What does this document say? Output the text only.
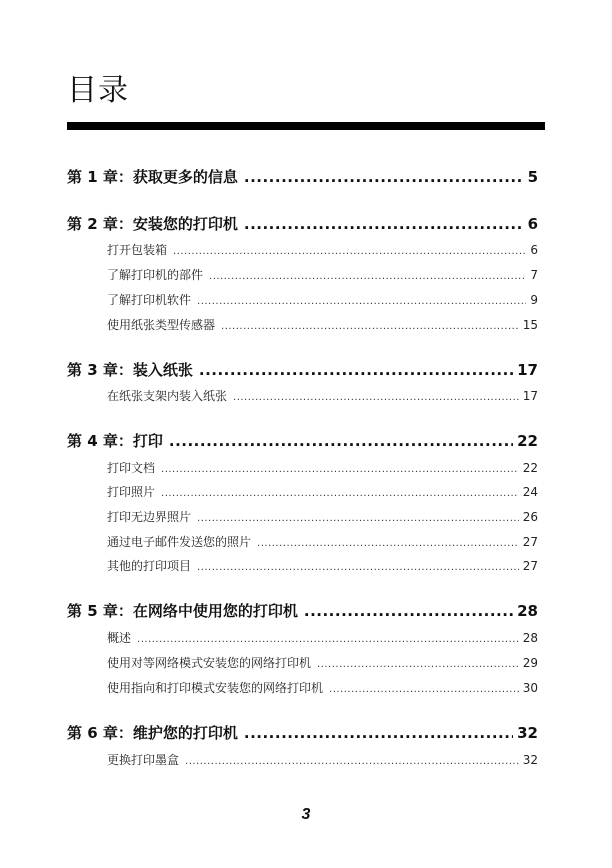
目录
第 1 章：获取更多的信息 .....	5
第 2 章：安装您的打印机 .....	6
打开包装箱 .....	6
了解打印机的部件 .....	7
了解打印机软件 .....	9
使用纸张类型传感器 .....	15
第 3 章：装入纸张 .....	17
在纸张支架内装入纸张 .....	17
第 4 章：打印 .....	22
打印文档 .....	22
打印照片 .....	24
打印无边界照片 .....	26
通过电子邮件发送您的照片 .....	27
其他的打印项目 .....	27
第 5 章：在网络中使用您的打印机 .....	28
概述 .....	28
使用对等网络模式安装您的网络打印机 .....	29
使用指向和打印模式安装您的网络打印机 .....	30
第 6 章：维护您的打印机 .....	32
更换打印墨盒 .....	32
3
